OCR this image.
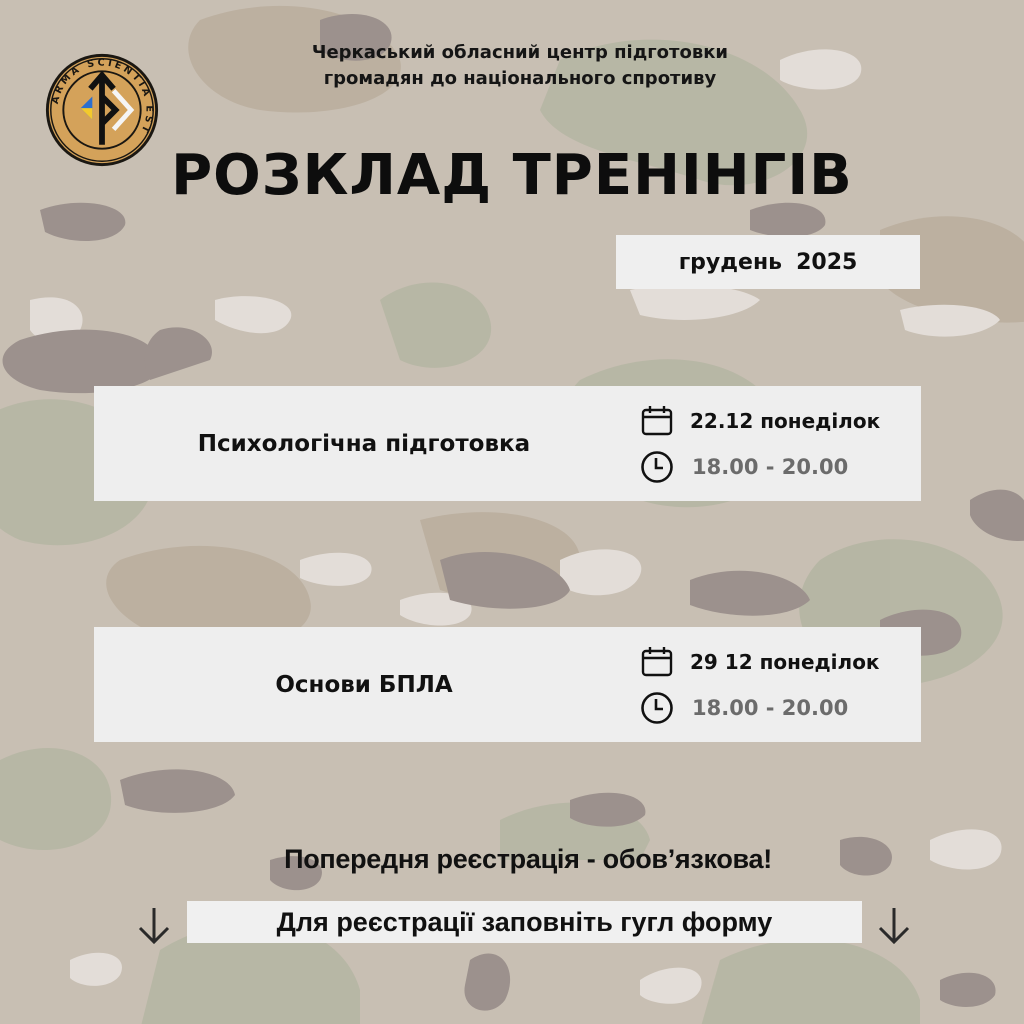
ARMA SCIENTIA EST
Черкаський обласний центр підготовки
громадян до національного спротиву
РОЗКЛАД ТРЕНІНГІВ
грудень 2025
Психологічна підготовка
22.12 понеділок
18.00 - 20.00
Основи БПЛА
29 12 понеділок
18.00 - 20.00
Попередня реєстрація - обов’язкова!
Для реєстрації заповніть гугл форму
